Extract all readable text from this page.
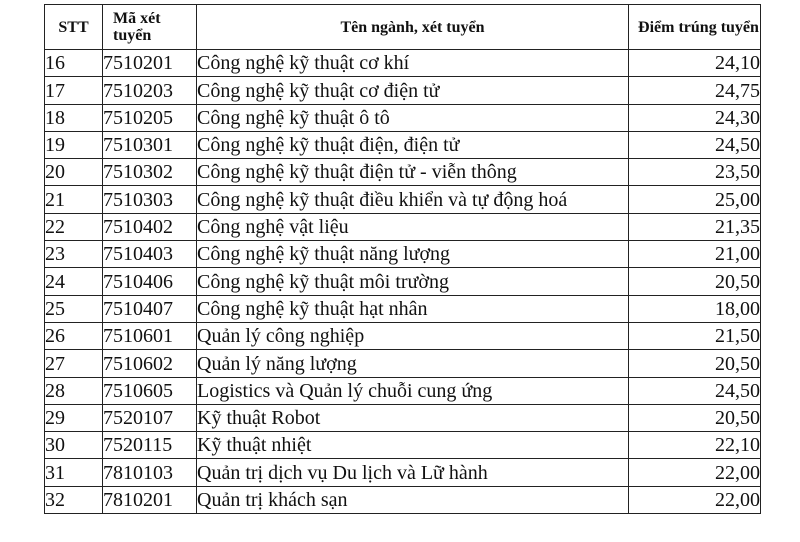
STT	Mã xét tuyển	Tên ngành, xét tuyển	Điểm trúng tuyển
16	7510201	Công nghệ kỹ thuật cơ khí	24,10
17	7510203	Công nghệ kỹ thuật cơ điện tử	24,75
18	7510205	Công nghệ kỹ thuật ô tô	24,30
19	7510301	Công nghệ kỹ thuật điện, điện tử	24,50
20	7510302	Công nghệ kỹ thuật điện tử - viễn thông	23,50
21	7510303	Công nghệ kỹ thuật điều khiển và tự động hoá	25,00
22	7510402	Công nghệ vật liệu	21,35
23	7510403	Công nghệ kỹ thuật năng lượng	21,00
24	7510406	Công nghệ kỹ thuật môi trường	20,50
25	7510407	Công nghệ kỹ thuật hạt nhân	18,00
26	7510601	Quản lý công nghiệp	21,50
27	7510602	Quản lý năng lượng	20,50
28	7510605	Logistics và Quản lý chuỗi cung ứng	24,50
29	7520107	Kỹ thuật Robot	20,50
30	7520115	Kỹ thuật nhiệt	22,10
31	7810103	Quản trị dịch vụ Du lịch và Lữ hành	22,00
32	7810201	Quản trị khách sạn	22,00
